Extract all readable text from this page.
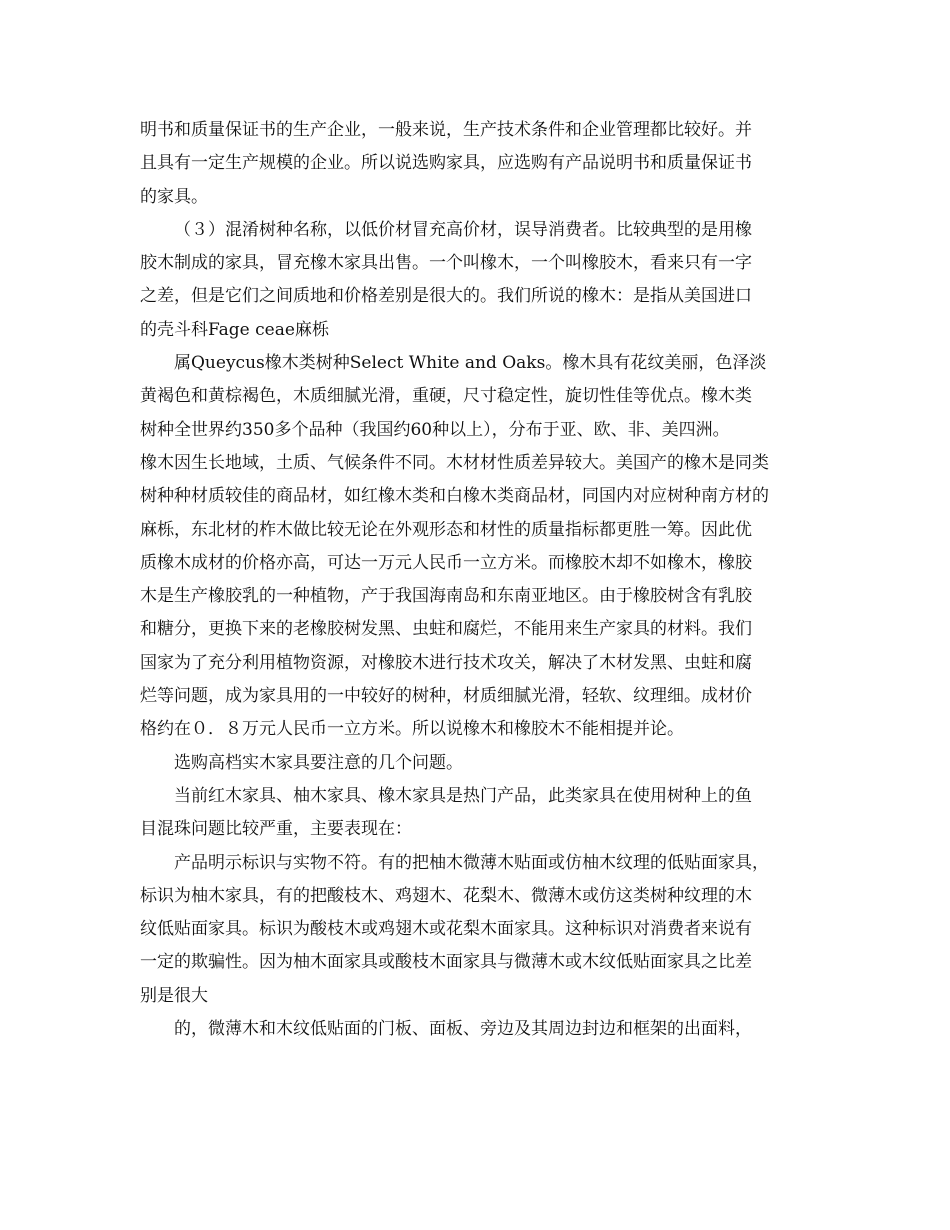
明书和质量保证书的生产企业，一般来说，生产技术条件和企业管理都比较好。并
且具有一定生产规模的企业。所以说选购家具，应选购有产品说明书和质量保证书
的家具。
（３）混淆树种名称，以低价材冒充高价材，误导消费者。比较典型的是用橡
胶木制成的家具，冒充橡木家具出售。一个叫橡木，一个叫橡胶木，看来只有一字
之差，但是它们之间质地和价格差别是很大的。我们所说的橡木：是指从美国进口
的壳斗科Fage ceae麻栎
属Queycus橡木类树种Select White and Oaks。橡木具有花纹美丽，色泽淡
黄褐色和黄棕褐色，木质细腻光滑，重硬，尺寸稳定性，旋切性佳等优点。橡木类
树种全世界约350多个品种（我国约60种以上），分布于亚、欧、非、美四洲。
橡木因生长地域，土质、气候条件不同。木材材性质差异较大。美国产的橡木是同类
树种种材质较佳的商品材，如红橡木类和白橡木类商品材，同国内对应树种南方材的
麻栎，东北材的柞木做比较无论在外观形态和材性的质量指标都更胜一筹。因此优
质橡木成材的价格亦高，可达一万元人民币一立方米。而橡胶木却不如橡木，橡胶
木是生产橡胶乳的一种植物，产于我国海南岛和东南亚地区。由于橡胶树含有乳胶
和糖分，更换下来的老橡胶树发黑、虫蛀和腐烂，不能用来生产家具的材料。我们
国家为了充分利用植物资源，对橡胶木进行技术攻关，解决了木材发黑、虫蛀和腐
烂等问题，成为家具用的一中较好的树种，材质细腻光滑，轻软、纹理细。成材价
格约在０．８万元人民币一立方米。所以说橡木和橡胶木不能相提并论。
选购高档实木家具要注意的几个问题。
当前红木家具、柚木家具、橡木家具是热门产品，此类家具在使用树种上的鱼
目混珠问题比较严重，主要表现在：
产品明示标识与实物不符。有的把柚木微薄木贴面或仿柚木纹理的低贴面家具，
标识为柚木家具，有的把酸枝木、鸡翅木、花梨木、微薄木或仿这类树种纹理的木
纹低贴面家具。标识为酸枝木或鸡翅木或花梨木面家具。这种标识对消费者来说有
一定的欺骗性。因为柚木面家具或酸枝木面家具与微薄木或木纹低贴面家具之比差
别是很大
的，微薄木和木纹低贴面的门板、面板、旁边及其周边封边和框架的出面料，
